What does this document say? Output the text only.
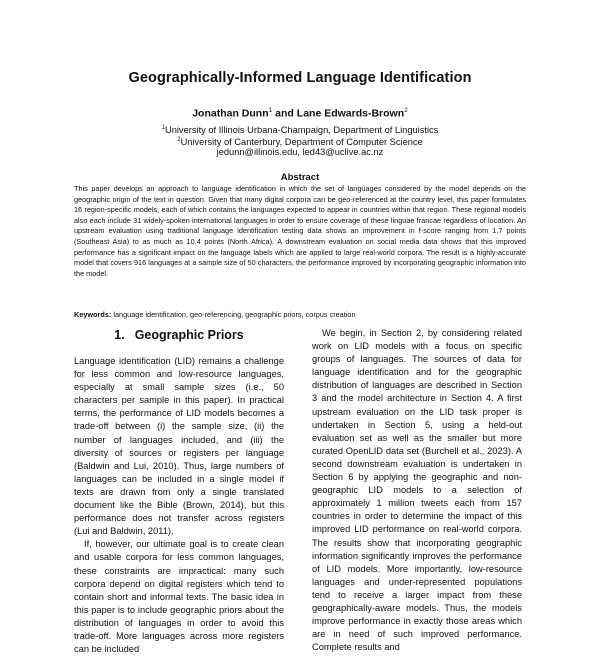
Geographically-Informed Language Identification
Jonathan Dunn$^1$ and Lane Edwards-Brown$^2$
$^1$University of Illinois Urbana-Champaign, Department of Linguistics
$^2$University of Canterbury, Department of Computer Science
jedunn@illinois.edu, led43@uclive.ac.nz
Abstract
This paper develops an approach to language identification in which the set of languages considered by the model depends on the geographic origin of the text in question. Given that many digital corpora can be geo-referenced at the country level, this paper formulates 16 region-specific models, each of which contains the languages expected to appear in countries within that region. These regional models also each include 31 widely-spoken international languages in order to ensure coverage of these linguae francae regardless of location. An upstream evaluation using traditional language identification testing data shows an improvement in f-score ranging from 1.7 points (Southeast Asia) to as much as 10.4 points (North Africa). A downstream evaluation on social media data shows that this improved performance has a significant impact on the language labels which are applied to large real-world corpora. The result is a highly-accurate model that covers 916 languages at a sample size of 50 characters, the performance improved by incorporating geographic information into the model.
Keywords: language identification, geo-referencing, geographic priors, corpus creation
1. Geographic Priors

Language identification (LID) remains a challenge for less common and low-resource languages, especially at small sample sizes (i.e., 50 characters per sample in this paper). In practical terms, the performance of LID models becomes a trade-off between (i) the sample size, (ii) the number of languages included, and (iii) the diversity of sources or registers per language (Baldwin and Lui, 2010). Thus, large numbers of languages can be included in a single model if texts are drawn from only a single translated document like the Bible (Brown, 2014), but this performance does not transfer across registers (Lui and Baldwin, 2011).

If, however, our ultimate goal is to create clean and usable corpora for less common languages, these constraints are impractical: many such corpora depend on digital registers which tend to contain short and informal texts. The basic idea in this paper is to include geographic priors about the distribution of languages in order to avoid this trade-off. More languages across more registers can be included

We begin, in Section 2, by considering related work on LID models with a focus on specific groups of languages. The sources of data for language identification and for the geographic distribution of languages are described in Section 3 and the model architecture in Section 4. A first upstream evaluation on the LID task proper is undertaken in Section 5, using a held-out evaluation set as well as the smaller but more curated OpenLID data set (Burchell et al., 2023). A second downstream evaluation is undertaken in Section 6 by applying the geographic and non-geographic LID models to a selection of approximately 1 million tweets each from 157 countries in order to determine the impact of this improved LID performance on real-world corpora. The results show that incorporating geographic information significantly improves the performance of LID models. More importantly, low-resource languages and under-represented populations tend to receive a larger impact from these geographically-aware models. Thus, the models improve performance in exactly those areas which are in need of such improved performance. Complete results and
